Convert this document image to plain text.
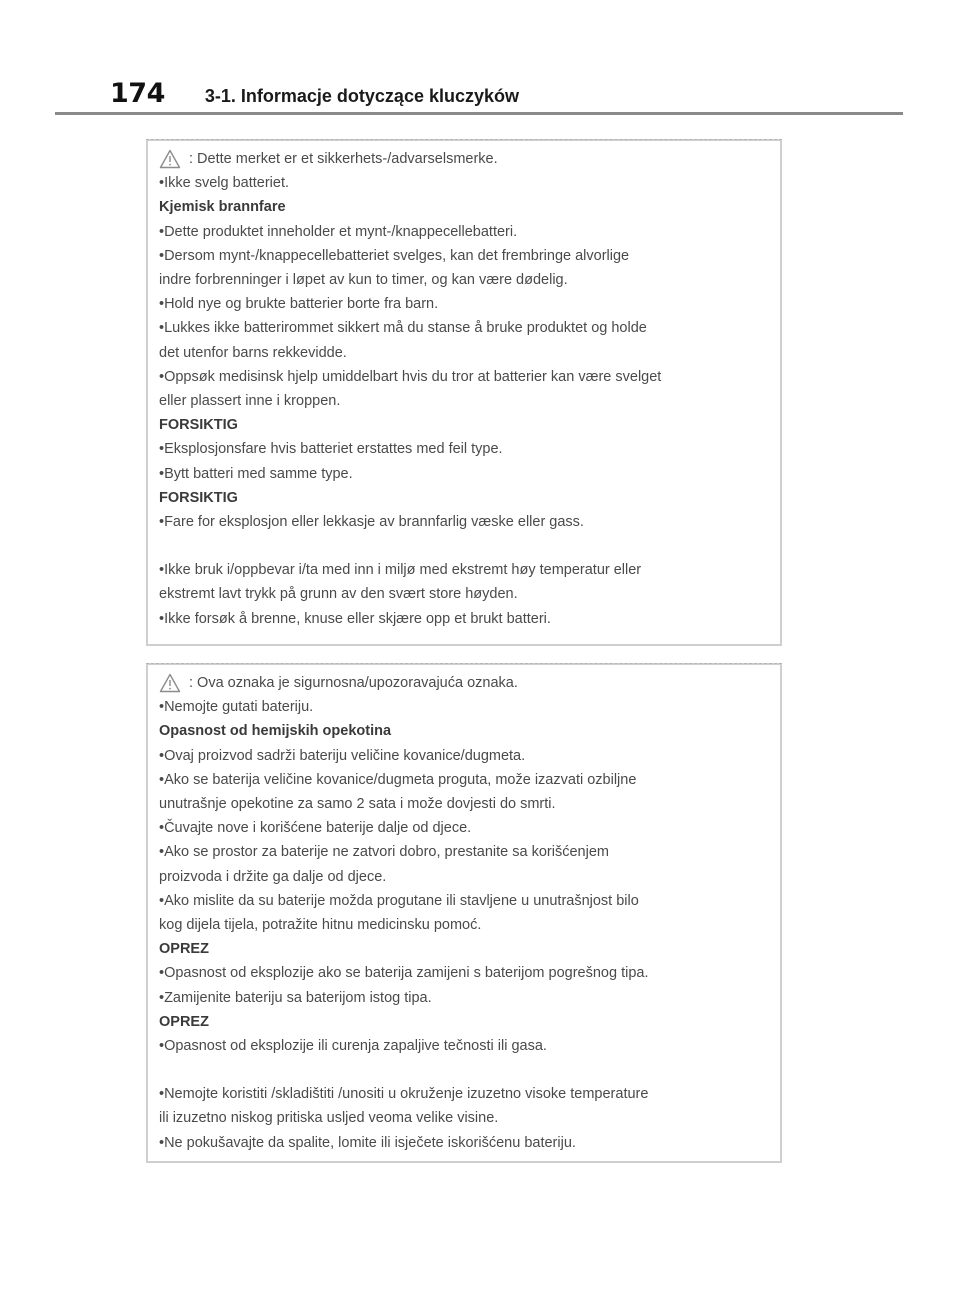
174 3-1. Informacje dotyczące kluczyków
: Dette merket er et sikkerhets-/advarselsmerke.
•Ikke svelg batteriet.
Kjemisk brannfare
•Dette produktet inneholder et mynt-/knappecellebatteri.
•Dersom mynt-/knappecellebatteriet svelges, kan det frembringe alvorlige
indre forbrenninger i løpet av kun to timer, og kan være dødelig.
•Hold nye og brukte batterier borte fra barn.
•Lukkes ikke batterirommet sikkert må du stanse å bruke produktet og holde
det utenfor barns rekkevidde.
•Oppsøk medisinsk hjelp umiddelbart hvis du tror at batterier kan være svelget
eller plassert inne i kroppen.
FORSIKTIG
•Eksplosjonsfare hvis batteriet erstattes med feil type.
•Bytt batteri med samme type.
FORSIKTIG
•Fare for eksplosjon eller lekkasje av brannfarlig væske eller gass.
•Ikke bruk i/oppbevar i/ta med inn i miljø med ekstremt høy temperatur eller
ekstremt lavt trykk på grunn av den svært store høyden.
•Ikke forsøk å brenne, knuse eller skjære opp et brukt batteri.
: Ova oznaka je sigurnosna/upozoravajuća oznaka.
•Nemojte gutati bateriju.
Opasnost od hemijskih opekotina
•Ovaj proizvod sadrži bateriju veličine kovanice/dugmeta.
•Ako se baterija veličine kovanice/dugmeta proguta, može izazvati ozbiljne
unutrašnje opekotine za samo 2 sata i može dovjesti do smrti.
•Čuvajte nove i korišćene baterije dalje od djece.
•Ako se prostor za baterije ne zatvori dobro, prestanite sa korišćenjem
proizvoda i držite ga dalje od djece.
•Ako mislite da su baterije možda progutane ili stavljene u unutrašnjost bilo
kog dijela tijela, potražite hitnu medicinsku pomoć.
OPREZ
•Opasnost od eksplozije ako se baterija zamijeni s baterijom pogrešnog tipa.
•Zamijenite bateriju sa baterijom istog tipa.
OPREZ
•Opasnost od eksplozije ili curenja zapaljive tečnosti ili gasa.
•Nemojte koristiti /skladištiti /unositi u okruženje izuzetno visoke temperature
ili izuzetno niskog pritiska usljed veoma velike visine.
•Ne pokušavajte da spalite, lomite ili isječete iskorišćenu bateriju.
